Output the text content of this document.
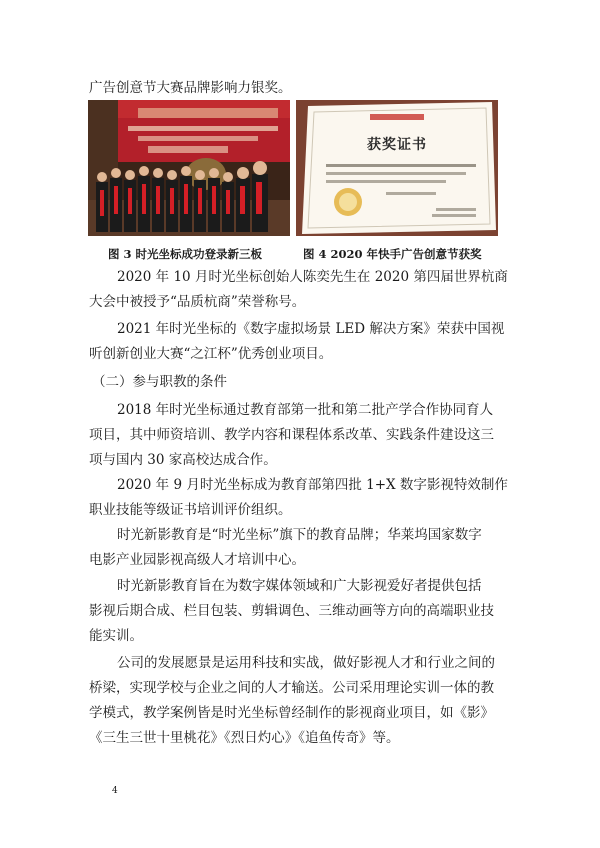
广告创意节大赛品牌影响力银奖。
获奖证书
图 3 时光坐标成功登录新三板	图 4 2020 年快手广告创意节获奖
2020 年 10 月时光坐标创始人陈奕先生在 2020 第四届世界杭商
大会中被授予“品质杭商”荣誉称号。
2021 年时光坐标的《数字虚拟场景 LED 解决方案》荣获中国视
听创新创业大赛“之江杯”优秀创业项目。
（二）参与职教的条件
2018 年时光坐标通过教育部第一批和第二批产学合作协同育人
项目，其中师资培训、教学内容和课程体系改革、实践条件建设这三
项与国内 30 家高校达成合作。
2020 年 9 月时光坐标成为教育部第四批 1+X 数字影视特效制作
职业技能等级证书培训评价组织。
时光新影教育是“时光坐标”旗下的教育品牌；华莱坞国家数字
电影产业园影视高级人才培训中心。
时光新影教育旨在为数字媒体领域和广大影视爱好者提供包括
影视后期合成、栏目包装、剪辑调色、三维动画等方向的高端职业技
能实训。
公司的发展愿景是运用科技和实战，做好影视人才和行业之间的
桥梁，实现学校与企业之间的人才输送。公司采用理论实训一体的教
学模式，教学案例皆是时光坐标曾经制作的影视商业项目，如《影》
《三生三世十里桃花》《烈日灼心》《追鱼传奇》等。
4
